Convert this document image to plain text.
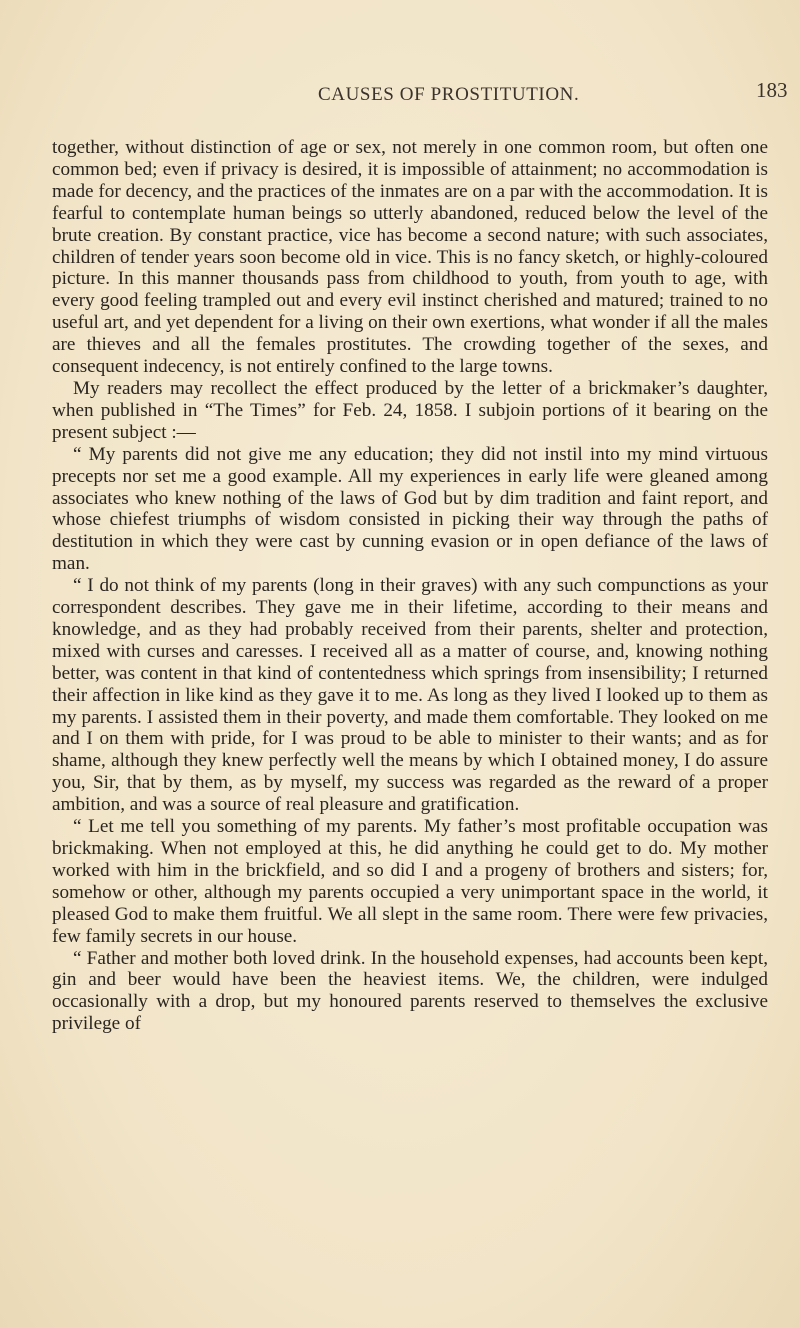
CAUSES OF PROSTITUTION.	183

together, without distinction of age or sex, not merely in one common room, but often one common bed; even if privacy is desired, it is impossible of attainment; no accommodation is made for decency, and the practices of the inmates are on a par with the accommodation. It is fearful to contemplate human beings so utterly abandoned, reduced below the level of the brute creation. By constant practice, vice has become a second nature; with such associates, children of tender years soon become old in vice. This is no fancy sketch, or highly-coloured picture. In this manner thousands pass from childhood to youth, from youth to age, with every good feeling trampled out and every evil instinct cherished and matured; trained to no useful art, and yet dependent for a living on their own exertions, what wonder if all the males are thieves and all the females prostitutes. The crowding together of the sexes, and consequent indecency, is not entirely confined to the large towns.

My readers may recollect the effect produced by the letter of a brickmaker’s daughter, when published in “The Times” for Feb. 24, 1858. I subjoin portions of it bearing on the present subject :—

“ My parents did not give me any education; they did not instil into my mind virtuous precepts nor set me a good example. All my experiences in early life were gleaned among associates who knew nothing of the laws of God but by dim tradition and faint report, and whose chiefest triumphs of wisdom consisted in picking their way through the paths of destitution in which they were cast by cunning evasion or in open defiance of the laws of man.

“ I do not think of my parents (long in their graves) with any such compunctions as your correspondent describes. They gave me in their lifetime, according to their means and knowledge, and as they had probably received from their parents, shelter and protection, mixed with curses and caresses. I received all as a matter of course, and, knowing nothing better, was content in that kind of contentedness which springs from insensibility; I returned their affection in like kind as they gave it to me. As long as they lived I looked up to them as my parents. I assisted them in their poverty, and made them comfortable. They looked on me and I on them with pride, for I was proud to be able to minister to their wants; and as for shame, although they knew perfectly well the means by which I obtained money, I do assure you, Sir, that by them, as by myself, my success was regarded as the reward of a proper ambition, and was a source of real pleasure and gratification.

“ Let me tell you something of my parents. My father’s most profitable occupation was brickmaking. When not employed at this, he did anything he could get to do. My mother worked with him in the brickfield, and so did I and a progeny of brothers and sisters; for, somehow or other, although my parents occupied a very unimportant space in the world, it pleased God to make them fruitful. We all slept in the same room. There were few privacies, few family secrets in our house.

“ Father and mother both loved drink. In the household expenses, had accounts been kept, gin and beer would have been the heaviest items. We, the children, were indulged occasionally with a drop, but my honoured parents reserved to themselves the exclusive privilege of
